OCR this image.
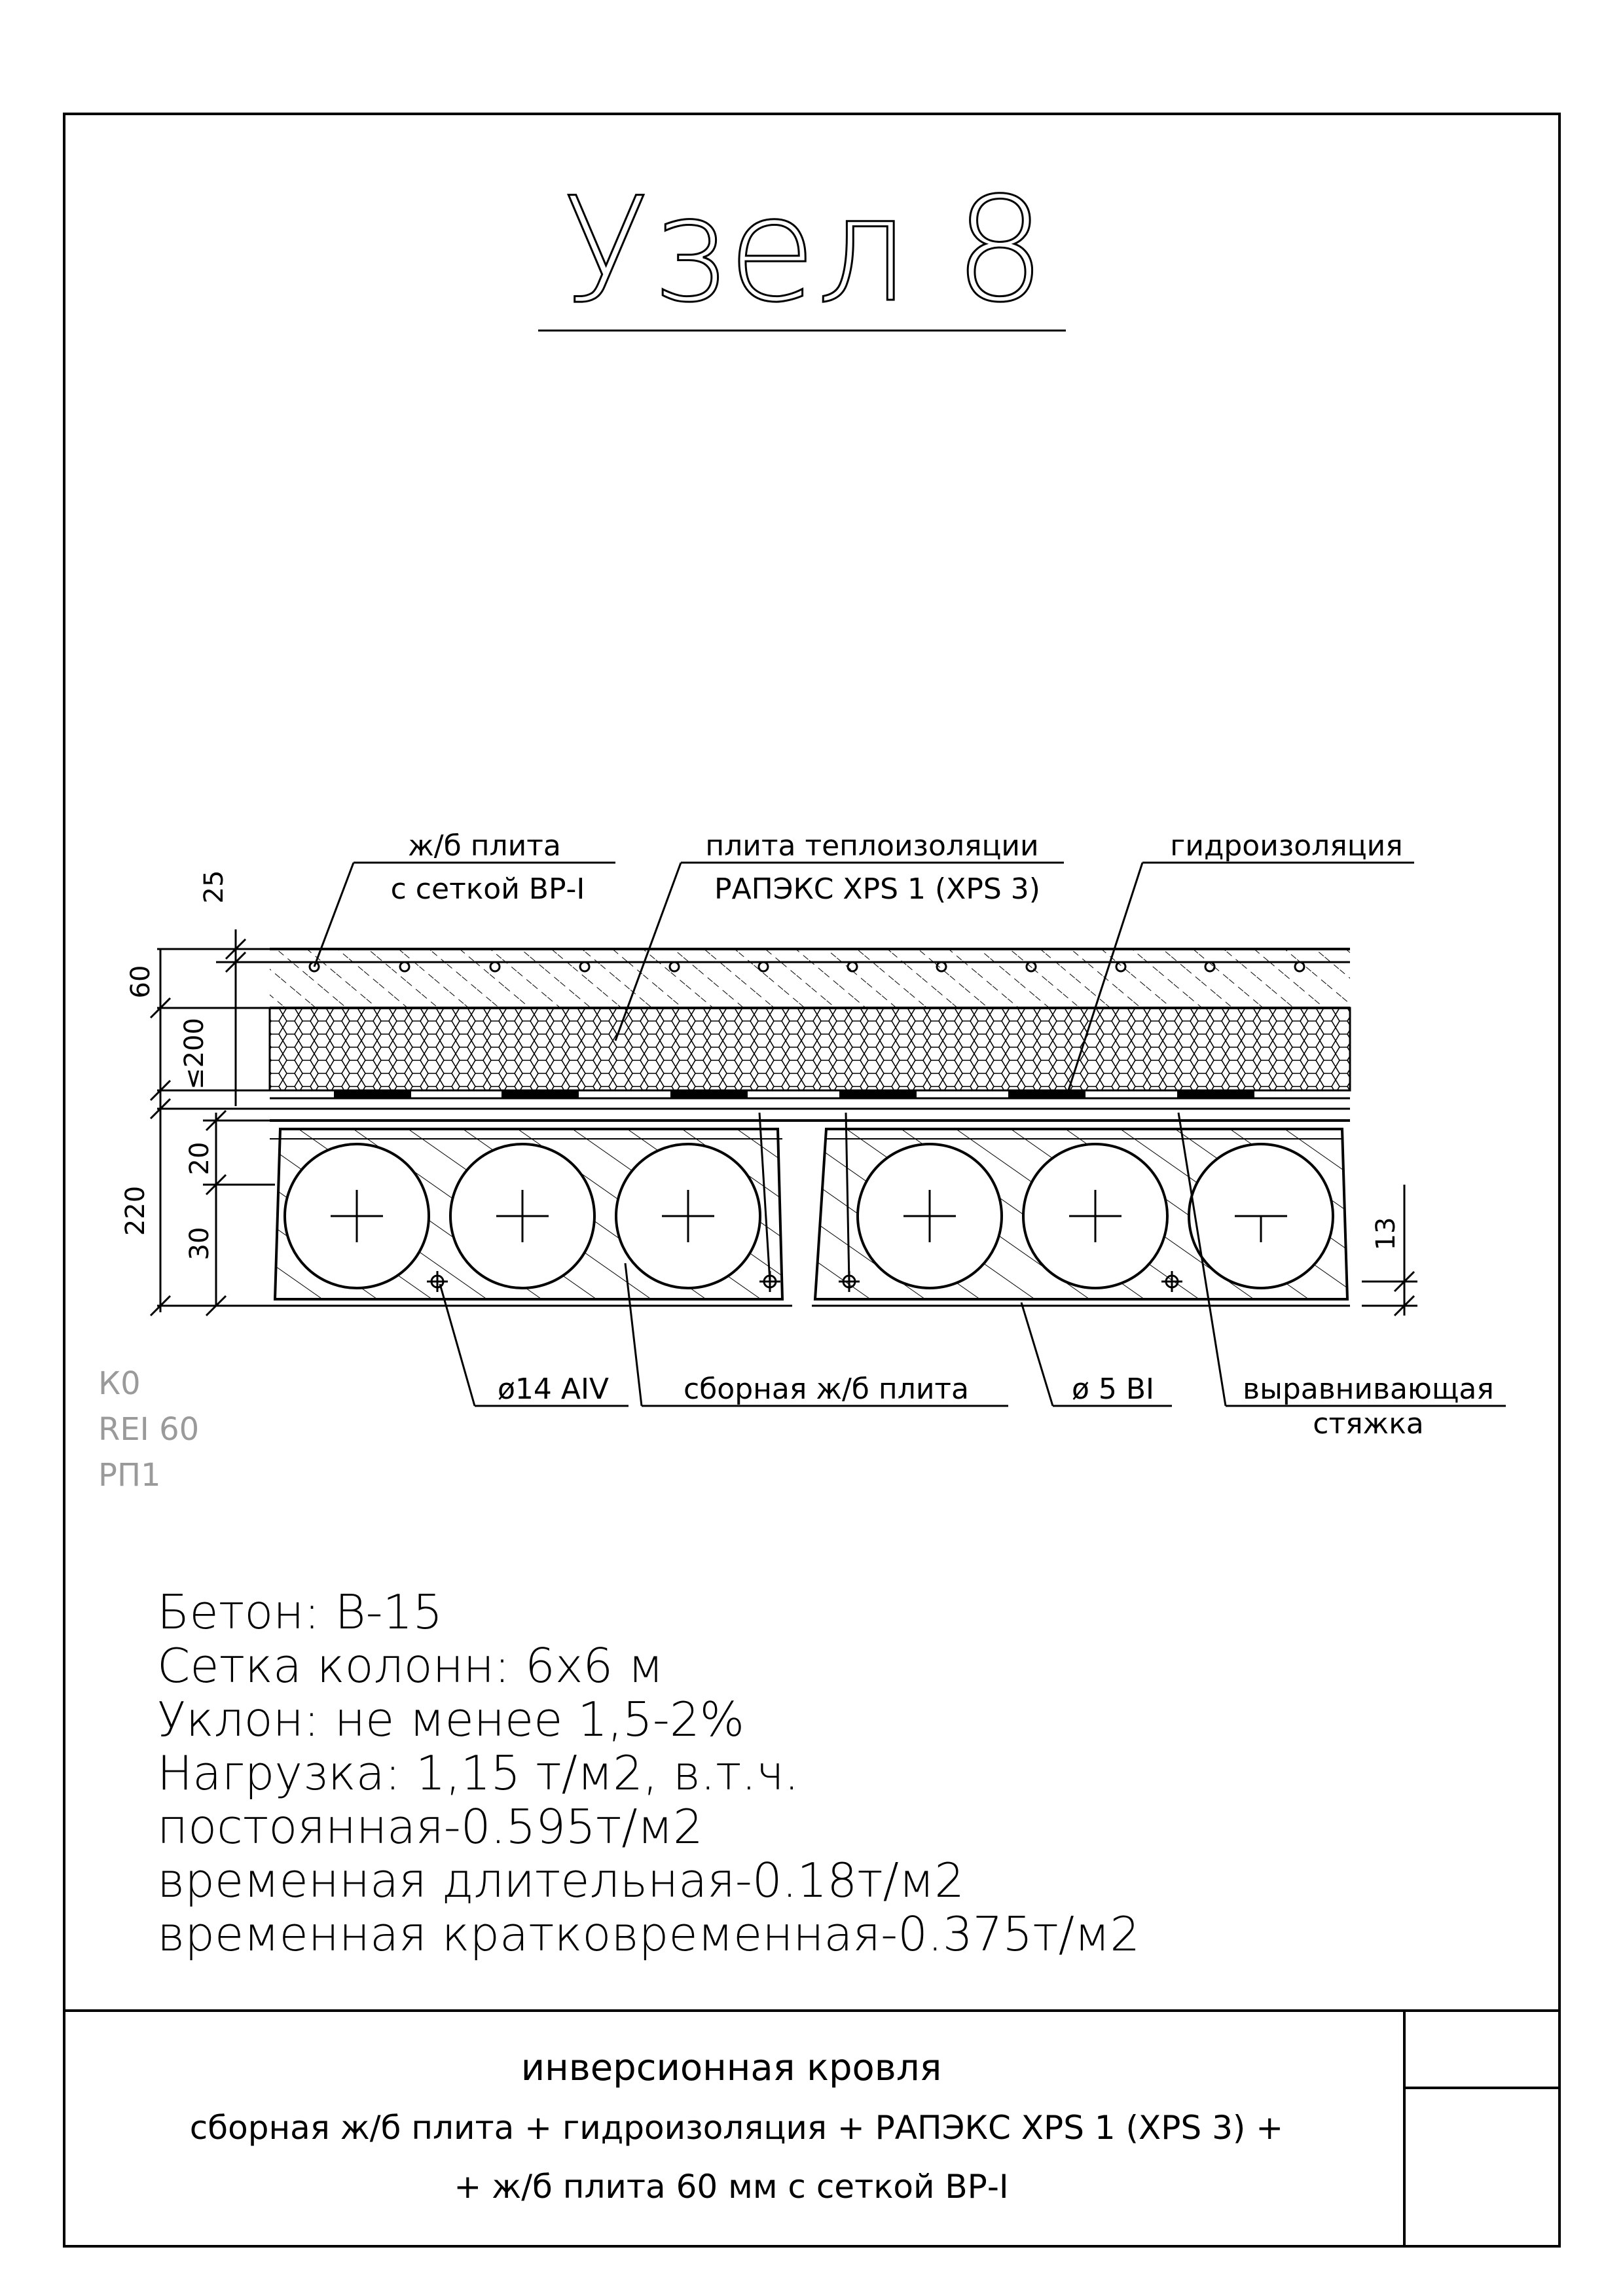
Узел 8
25
60
≤200
220
20
30	13
ж/б плита
с сеткой ВР-I
плита теплоизоляции
РАПЭКС XPS 1 (XPS 3)
гидроизоляция
ø14 AIV	сборная ж/б плита	ø 5 BI	выравнивающая
стяжка
К0
REI 60
РП1
Бетон: В-15
Сетка колонн: 6х6 м
Уклон: не менее 1,5-2%
Нагрузка: 1,15 т/м2, в.т.ч.
постоянная-0.595т/м2
временная длительная-0.18т/м2
временная кратковременная-0.375т/м2
инверсионная кровля
сборная ж/б плита + гидроизоляция + РАПЭКС XPS 1 (XPS 3) +
+ ж/б плита 60 мм с сеткой ВР-I
